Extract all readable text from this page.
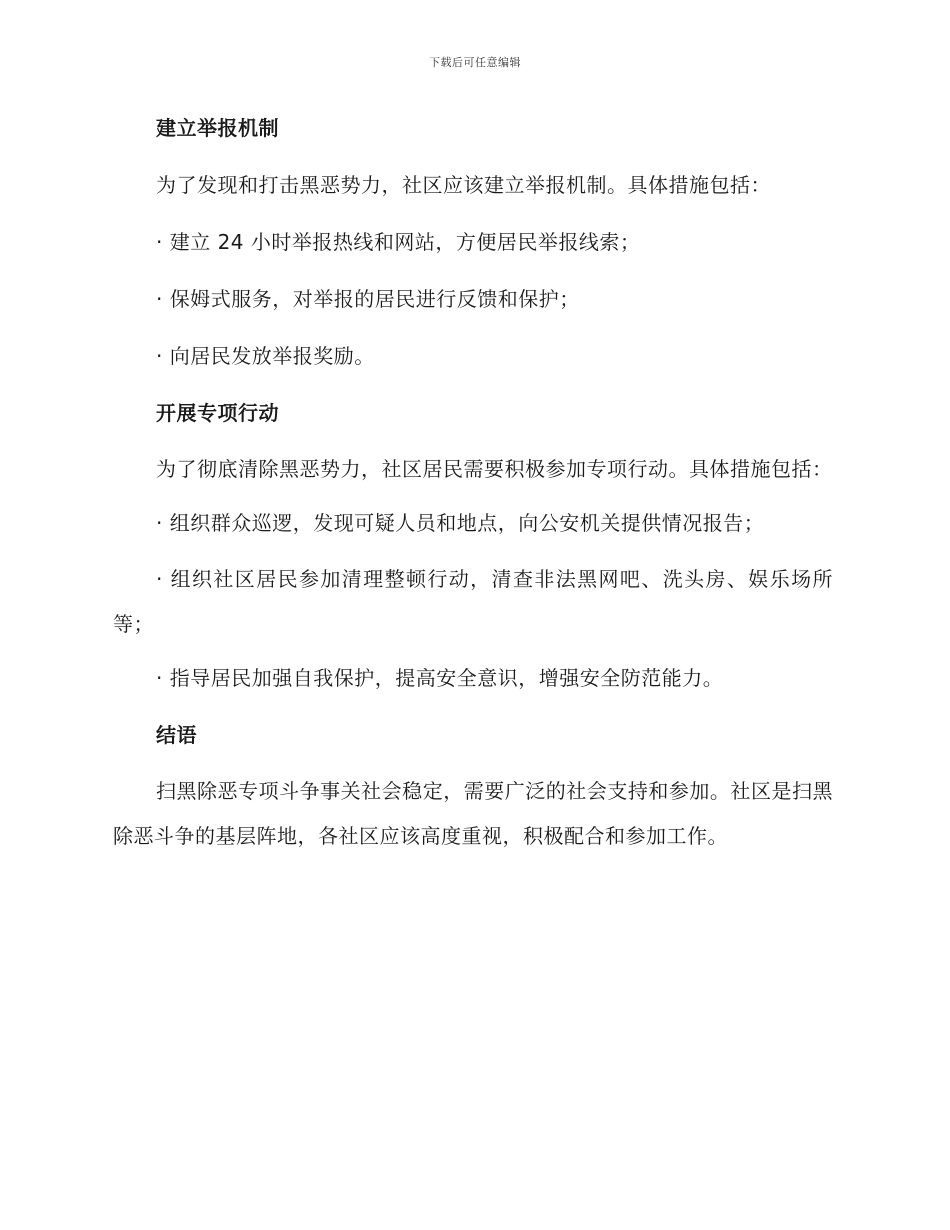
下载后可任意编辑
建立举报机制
为了发现和打击黑恶势力，社区应该建立举报机制。具体措施包括：
· 建立 24 小时举报热线和网站，方便居民举报线索；
· 保姆式服务，对举报的居民进行反馈和保护；
· 向居民发放举报奖励。
开展专项行动
为了彻底清除黑恶势力，社区居民需要积极参加专项行动。具体措施包括：
· 组织群众巡逻，发现可疑人员和地点，向公安机关提供情况报告；
· 组织社区居民参加清理整顿行动，清查非法黑网吧、洗头房、娱乐场所等；
· 指导居民加强自我保护，提高安全意识，增强安全防范能力。
结语
扫黑除恶专项斗争事关社会稳定，需要广泛的社会支持和参加。社区是扫黑除恶斗争的基层阵地，各社区应该高度重视，积极配合和参加工作。
